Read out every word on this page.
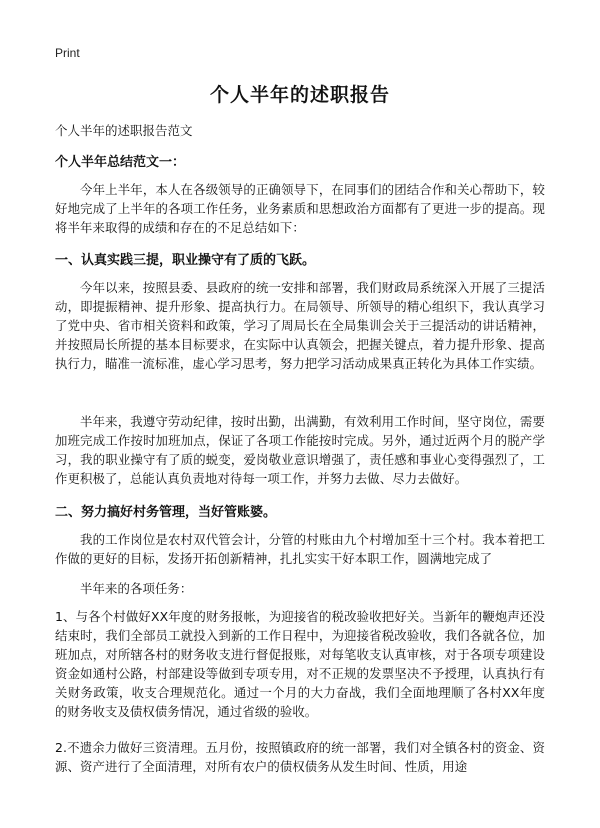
Print
个人半年的述职报告
个人半年的述职报告范文
个人半年总结范文一：
今年上半年，本人在各级领导的正确领导下，在同事们的团结合作和关心帮助下，较好地完成了上半年的各项工作任务，业务素质和思想政治方面都有了更进一步的提高。现将半年来取得的成绩和存在的不足总结如下：
一、认真实践三提，职业操守有了质的飞跃。
今年以来，按照县委、县政府的统一安排和部署，我们财政局系统深入开展了三提活动，即提振精神、提升形象、提高执行力。在局领导、所领导的精心组织下，我认真学习了党中央、省市相关资料和政策，学习了周局长在全局集训会关于三提活动的讲话精神，并按照局长所提的基本目标要求，在实际中认真领会，把握关键点，着力提升形象、提高执行力，瞄准一流标准，虚心学习思考，努力把学习活动成果真正转化为具体工作实绩。
半年来，我遵守劳动纪律，按时出勤，出满勤，有效利用工作时间，坚守岗位，需要加班完成工作按时加班加点，保证了各项工作能按时完成。另外，通过近两个月的脱产学习，我的职业操守有了质的蜕变，爱岗敬业意识增强了，责任感和事业心变得强烈了，工作更积极了，总能认真负责地对待每一项工作，并努力去做、尽力去做好。
二、努力搞好村务管理，当好管账婆。
我的工作岗位是农村双代管会计，分管的村账由九个村增加至十三个村。我本着把工作做的更好的目标，发扬开拓创新精神，扎扎实实干好本职工作，圆满地完成了
半年来的各项任务：
1、与各个村做好XX年度的财务报帐，为迎接省的税改验收把好关。当新年的鞭炮声还没结束时，我们全部员工就投入到新的工作日程中，为迎接省税改验收，我们各就各位，加班加点，对所辖各村的财务收支进行督促报账，对每笔收支认真审核，对于各项专项建设资金如通村公路，村部建设等做到专项专用，对不正规的发票坚决不予授理，认真执行有关财务政策，收支合理规范化。通过一个月的大力奋战，我们全面地理顺了各村XX年度的财务收支及债权债务情况，通过省级的验收。
2.不遗余力做好三资清理。五月份，按照镇政府的统一部署，我们对全镇各村的资金、资源、资产进行了全面清理，对所有农户的债权债务从发生时间、性质，用途
